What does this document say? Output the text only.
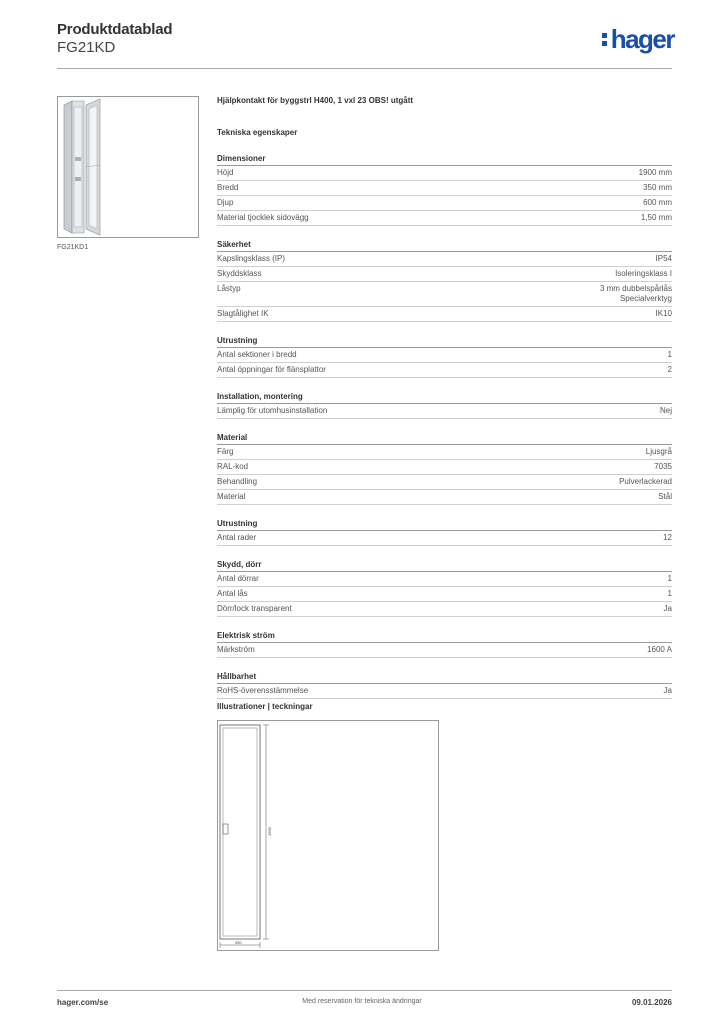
Produktdatablad
FG21KD	hager
FG21KD1
Hjälpkontakt för byggstrl H400, 1 vxl 23 OBS! utgått
Tekniska egenskaper
Dimensioner
Höjd	1900 mm
Bredd	350 mm
Djup	600 mm
Material tjocklek sidovägg	1,50 mm
Säkerhet
Kapslingsklass (IP)	IP54
Skyddsklass	Isoleringsklass I
Låstyp	3 mm dubbelspårlås
Specialverktyg
Slagtålighet IK	IK10
Utrustning
Antal sektioner i bredd	1
Antal öppningar för flänsplattor	2
Installation, montering
Lämplig för utomhusinstallation	Nej
Material
Färg	Ljusgrå
RAL-kod	7035
Behandling	Pulverlackerad
Material	Stål
Utrustning
Antal rader	12
Skydd, dörr
Antal dörrar	1
Antal lås	1
Dörr/lock transparent	Ja
Elektrisk ström
Märkström	1600 A
Hållbarhet
RoHS-överensstämmelse	Ja
Illustrationer | teckningar
1900
350
hager.com/se	Med reservation för tekniska ändringar	09.01.2026
